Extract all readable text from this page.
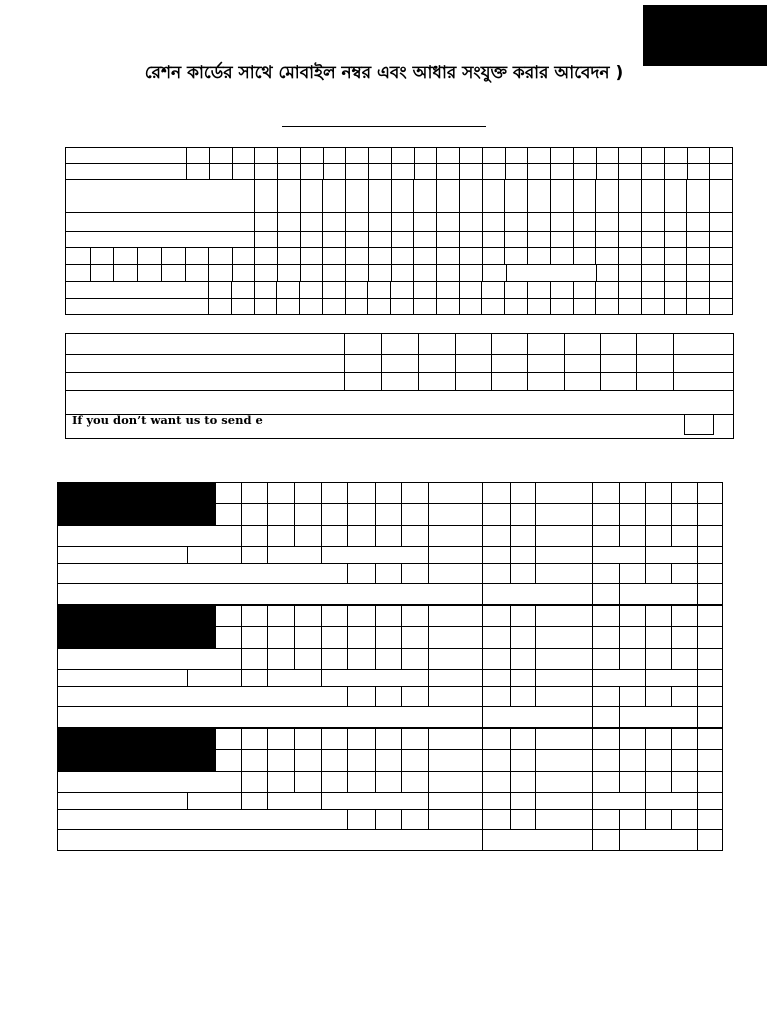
রেশন কার্ডের সাথে মোবাইল নম্বর এবং আধার সংযুক্ত করার আবেদন )
If you don’t want us to send e
